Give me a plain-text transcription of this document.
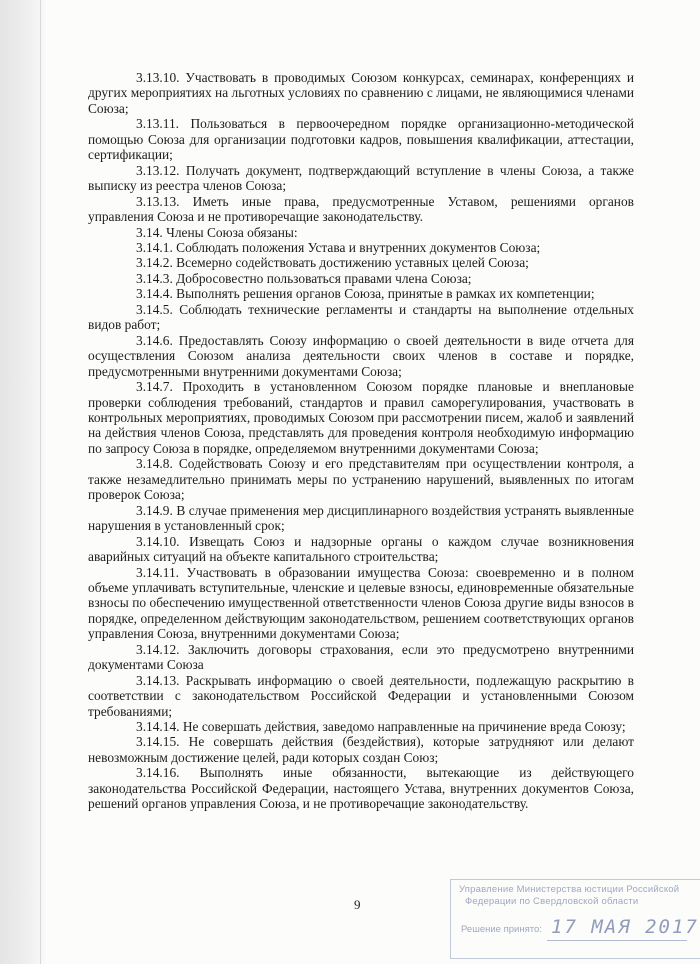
3.13.10. Участвовать в проводимых Союзом конкурсах, семинарах, конференциях и других мероприятиях на льготных условиях по сравнению с лицами, не являющимися членами Союза;

3.13.11. Пользоваться в первоочередном порядке организационно-методической помощью Союза для организации подготовки кадров, повышения квалификации, аттестации, сертификации;

3.13.12. Получать документ, подтверждающий вступление в члены Союза, а также выписку из реестра членов Союза;

3.13.13. Иметь иные права, предусмотренные Уставом, решениями органов управления Союза и не противоречащие законодательству.

3.14. Члены Союза обязаны:

3.14.1. Соблюдать положения Устава и внутренних документов Союза;

3.14.2. Всемерно содействовать достижению уставных целей Союза;

3.14.3. Добросовестно пользоваться правами члена Союза;

3.14.4. Выполнять решения органов Союза, принятые в рамках их компетенции;

3.14.5. Соблюдать технические регламенты и стандарты на выполнение отдельных видов работ;

3.14.6. Предоставлять Союзу информацию о своей деятельности в виде отчета для осуществления Союзом анализа деятельности своих членов в составе и порядке, предусмотренными внутренними документами Союза;

3.14.7. Проходить в установленном Союзом порядке плановые и внеплановые проверки соблюдения требований, стандартов и правил саморегулирования, участвовать в контрольных мероприятиях, проводимых Союзом при рассмотрении писем, жалоб и заявлений на действия членов Союза, представлять для проведения контроля необходимую информацию по запросу Союза в порядке, определяемом внутренними документами Союза;

3.14.8. Содействовать Союзу и его представителям при осуществлении контроля, а также незамедлительно принимать меры по устранению нарушений, выявленных по итогам проверок Союза;

3.14.9. В случае применения мер дисциплинарного воздействия устранять выявленные нарушения в установленный срок;

3.14.10. Извещать Союз и надзорные органы о каждом случае возникновения аварийных ситуаций на объекте капитального строительства;

3.14.11. Участвовать в образовании имущества Союза: своевременно и в полном объеме уплачивать вступительные, членские и целевые взносы, единовременные обязательные взносы по обеспечению имущественной ответственности членов Союза другие виды взносов в порядке, определенном действующим законодательством, решением соответствующих органов управления Союза, внутренними документами Союза;

3.14.12. Заключить договоры страхования, если это предусмотрено внутренними документами Союза

3.14.13. Раскрывать информацию о своей деятельности, подлежащую раскрытию в соответствии с законодательством Российской Федерации и установленными Союзом требованиями;

3.14.14. Не совершать действия, заведомо направленные на причинение вреда Союзу;

3.14.15. Не совершать действия (бездействия), которые затрудняют или делают невозможным достижение целей, ради которых создан Союз;

3.14.16. Выполнять иные обязанности, вытекающие из действующего законодательства Российской Федерации, настоящего Устава, внутренних документов Союза, решений органов управления Союза, и не противоречащие законодательству.

9
Управление Министерства юстиции Российской
Федерации по Свердловской области
Решение принято: 17 МАЯ 2017
